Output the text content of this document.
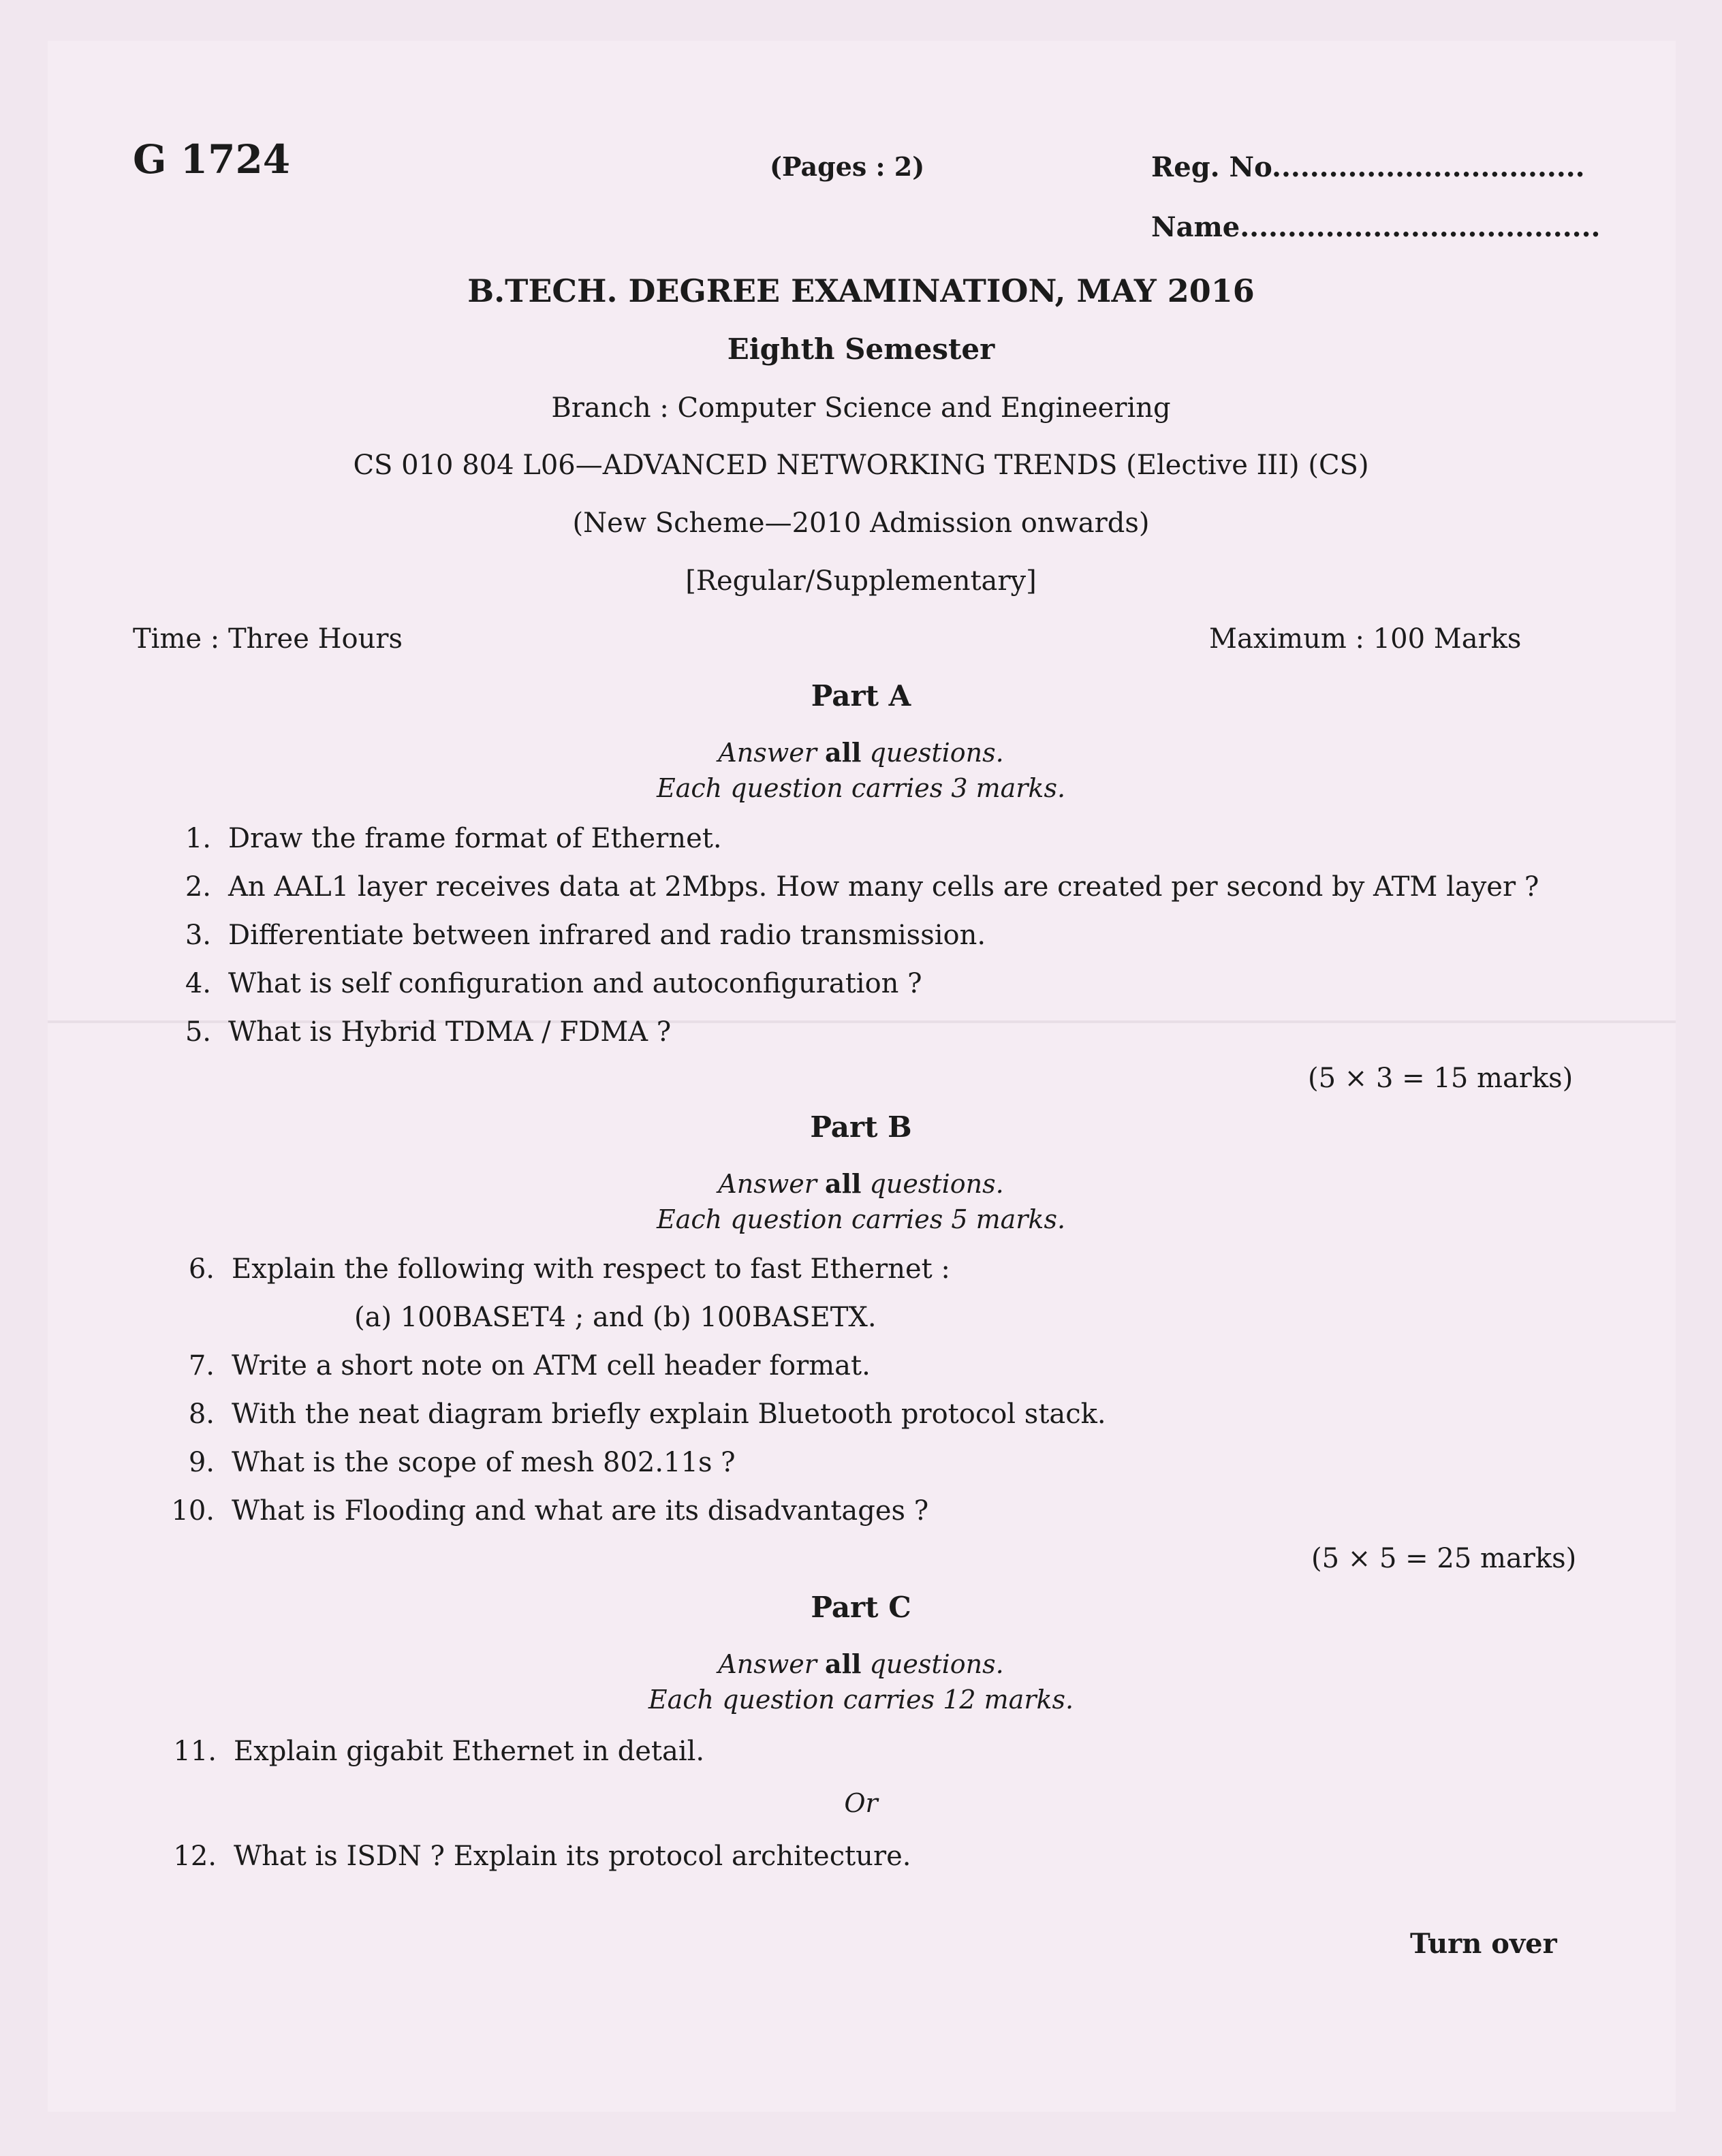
G 1724	(Pages : 2)	Reg. No.................................
Name......................................
B.TECH. DEGREE EXAMINATION, MAY 2016
Eighth Semester
Branch : Computer Science and Engineering
CS 010 804 L06—ADVANCED NETWORKING TRENDS (Elective III) (CS)
(New Scheme—2010 Admission onwards)
[Regular/Supplementary]
Time : Three Hours	Maximum : 100 Marks
Part A
Answer all questions.
Each question carries 3 marks.
1. Draw the frame format of Ethernet.
2. An AAL1 layer receives data at 2Mbps. How many cells are created per second by ATM layer ?
3. Differentiate between infrared and radio transmission.
4. What is self configuration and autoconfiguration ?
5. What is Hybrid TDMA / FDMA ?
(5 × 3 = 15 marks)
Part B
Answer all questions.
Each question carries 5 marks.
6. Explain the following with respect to fast Ethernet :
(a) 100BASET4 ; and (b) 100BASETX.
7. Write a short note on ATM cell header format.
8. With the neat diagram briefly explain Bluetooth protocol stack.
9. What is the scope of mesh 802.11s ?
10. What is Flooding and what are its disadvantages ?
(5 × 5 = 25 marks)
Part C
Answer all questions.
Each question carries 12 marks.
11. Explain gigabit Ethernet in detail.
Or
12. What is ISDN ? Explain its protocol architecture.
Turn over
